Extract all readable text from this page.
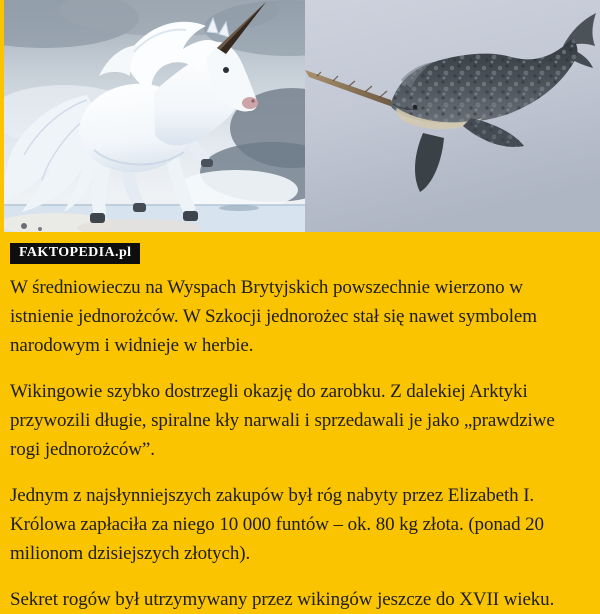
FAKTOPEDIA.pl

W średniowieczu na Wyspach Brytyjskich powszechnie wierzono w istnienie jednorożców. W Szkocji jednorożec stał się nawet symbolem narodowym i widnieje w herbie.

Wikingowie szybko dostrzegli okazję do zarobku. Z dalekiej Arktyki przywozili długie, spiralne kły narwali i sprzedawali je jako „prawdziwe rogi jednorożców”.

Jednym z najsłynniejszych zakupów był róg nabyty przez Elizabeth I. Królowa zapłaciła za niego 10 000 funtów – ok. 80 kg złota. (ponad 20 milionom dzisiejszych złotych).

Sekret rogów był utrzymywany przez wikingów jeszcze do XVII wieku.
